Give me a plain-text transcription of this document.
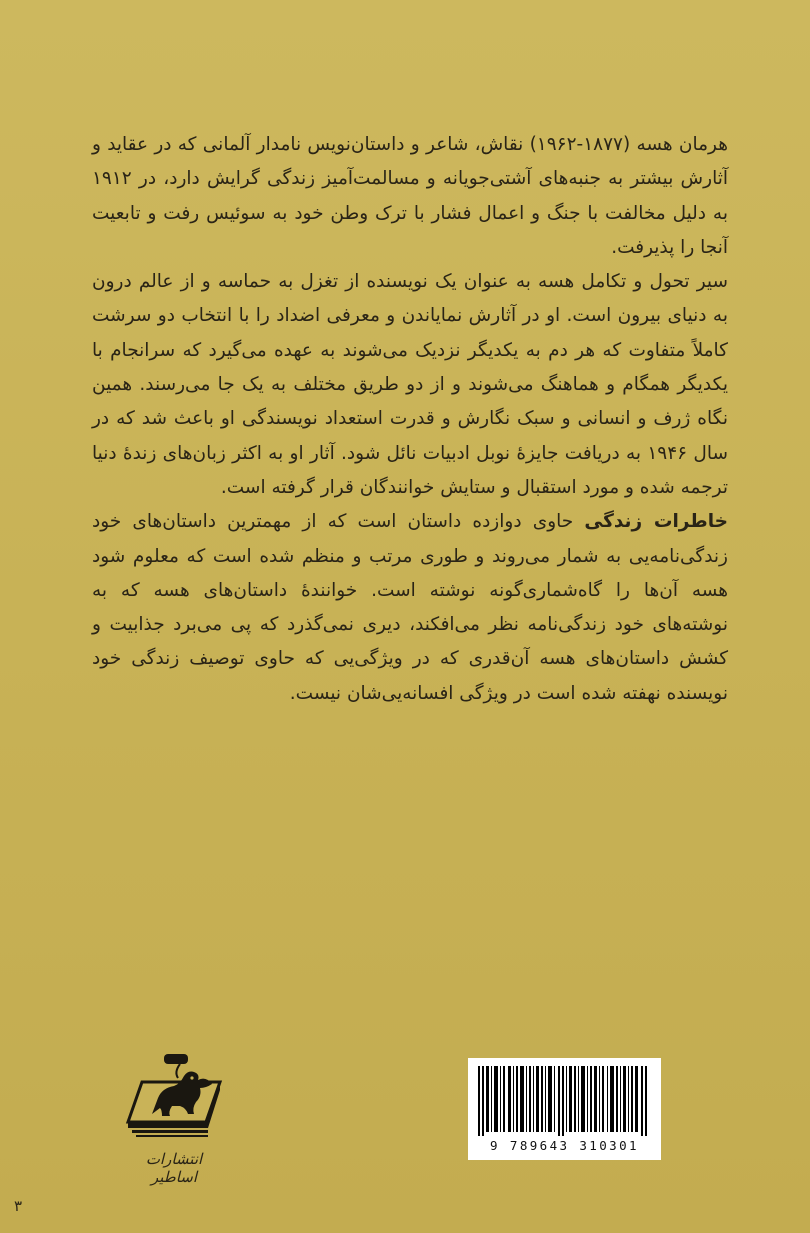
هرمان هسه (۱۸۷۷-۱۹۶۲) نقاش، شاعر و داستان‌نویس نامدار آلمانی که در عقاید و آثارش بیشتر به جنبه‌های آشتی‌جویانه و مسالمت‌آمیز زندگی گرایش دارد، در ۱۹۱۲ به دلیل مخالفت با جنگ و اعمال فشار با ترک وطن خود به سوئیس رفت و تابعیت آنجا را پذیرفت.

سیر تحول و تکامل هسه به عنوان یک نویسنده از تغزل به حماسه و از عالم درون به دنیای بیرون است. او در آثارش نمایاندن و معرفی اضداد را با انتخاب دو سرشت کاملاً متفاوت که هر دم به یکدیگر نزدیک می‌شوند به عهده می‌گیرد که سرانجام با یکدیگر همگام و هماهنگ می‌شوند و از دو طریق مختلف به یک جا می‌رسند. همین نگاه ژرف و انسانی و سبک نگارش و قدرت استعداد نویسندگی او باعث شد که در سال ۱۹۴۶ به دریافت جایزهٔ نوبل ادبیات نائل شود. آثار او به اکثر زبان‌های زندهٔ دنیا ترجمه شده و مورد استقبال و ستایش خوانندگان قرار گرفته است.

خاطرات زندگی حاوی دوازده داستان است که از مهمترین داستان‌های خود زندگی‌نامه‌یی به شمار می‌روند و طوری مرتب و منظم شده است که معلوم شود هسه آن‌ها را گاه‌شماری‌گونه نوشته است. خوانندهٔ داستان‌های هسه که به نوشته‌های خود زندگی‌نامه نظر می‌افکند، دیری نمی‌گذرد که پی می‌برد جذابیت و کشش داستان‌های هسه آن‌قدری که در ویژگی‌یی که حاوی توصیف زندگی خود نویسنده نهفته شده است در ویژگی افسانه‌یی‌شان نیست.

انتشارات اساطیر
9 789643 310301
۳
